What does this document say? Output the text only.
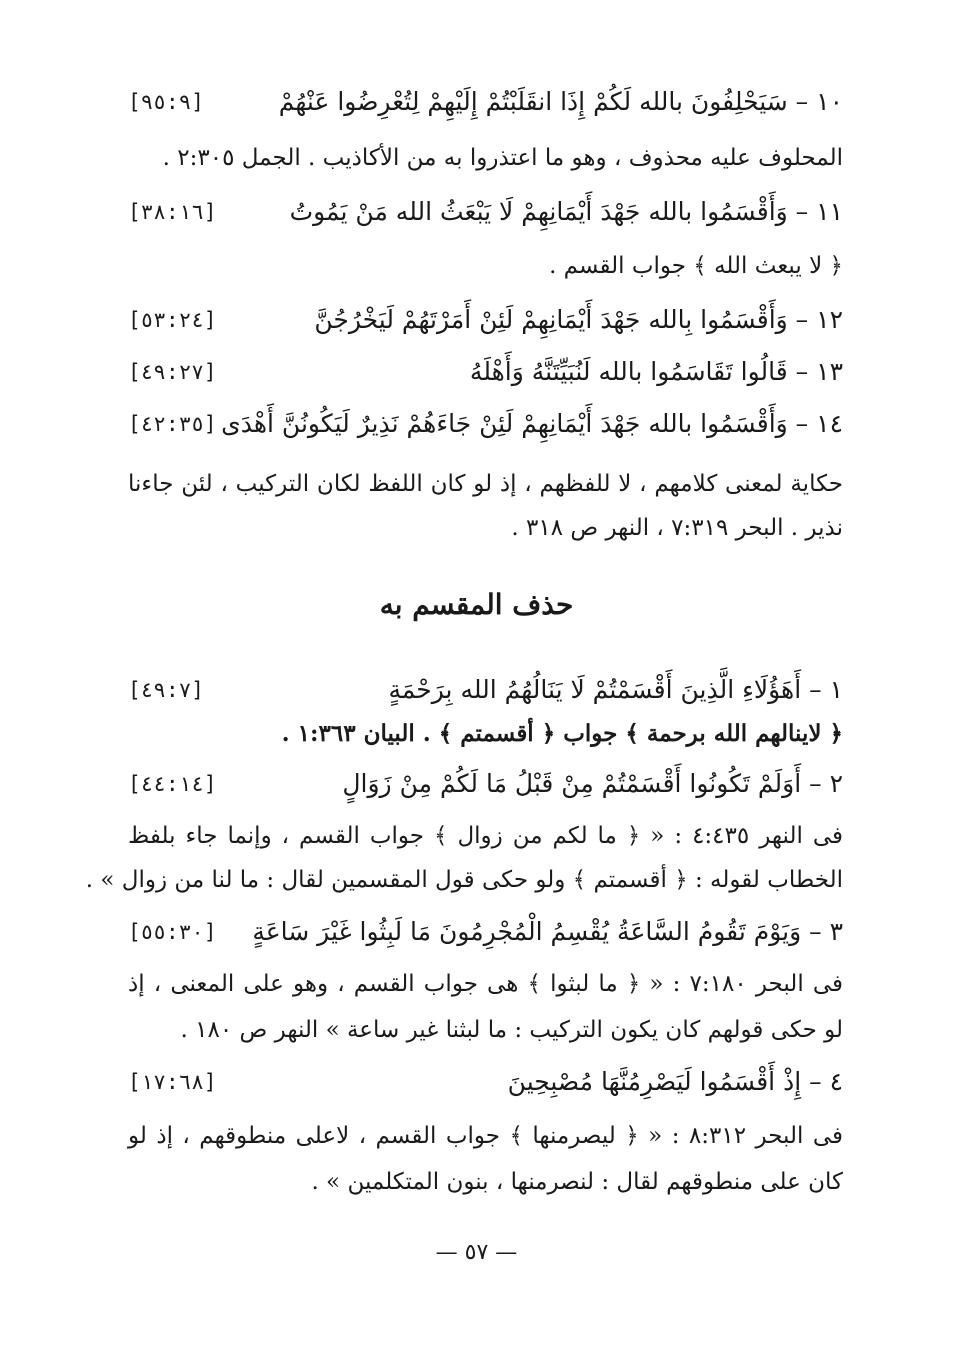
١٠ – سَيَحْلِفُونَ بالله لَكُمْ إِذَا انقَلَبْتُمْ إِلَيْهِمْ لِتُعْرِضُوا عَنْهُمْ
[٩٥:٩]
المحلوف عليه محذوف ، وهو ما اعتذروا به من الأكاذيب . الجمل ٢:٣٠٥ .
١١ – وَأَقْسَمُوا بالله جَهْدَ أَيْمَانِهِمْ لَا يَبْعَثُ الله مَنْ يَمُوتُ
[٣٨:١٦]
﴿ لا يبعث الله ﴾ جواب القسم .
١٢ – وَأَقْسَمُوا بِالله جَهْدَ أَيْمَانِهِمْ لَئِنْ أَمَرْتَهُمْ لَيَخْرُجُنَّ
[٥٣:٢٤]
١٣ – قَالُوا تَقَاسَمُوا بالله لَنُبَيِّتَنَّهُ وَأَهْلَهُ
[٤٩:٢٧]
١٤ – وَأَقْسَمُوا بالله جَهْدَ أَيْمَانِهِمْ لَئِنْ جَاءَهُمْ نَذِيرٌ لَيَكُونُنَّ أَهْدَى
[٤٢:٣٥]
حكاية لمعنى كلامهم ، لا للفظهم ، إذ لو كان اللفظ لكان التركيب ، لئن جاءنا
نذير . البحر ٧:٣١٩ ، النهر ص ٣١٨ .
حذف المقسم به
١ – أَهَؤُلَاءِ الَّذِينَ أَقْسَمْتُمْ لَا يَنَالُهُمُ الله بِرَحْمَةٍ
[٤٩:٧]
﴿ لاينالهم الله برحمة ﴾ جواب ﴿ أقسمتم ﴾ . البيان ١:٣٦٣ .
٢ – أَوَلَمْ تَكُونُوا أَقْسَمْتُمْ مِنْ قَبْلُ مَا لَكُمْ مِنْ زَوَالٍ
[٤٤:١٤]
فى النهر ٤:٤٣٥ : « ﴿ ما لكم من زوال ﴾ جواب القسم ، وإنما جاء بلفظ
الخطاب لقوله : ﴿ أقسمتم ﴾ ولو حكى قول المقسمين لقال : ما لنا من زوال » .
٣ – وَيَوْمَ تَقُومُ السَّاعَةُ يُقْسِمُ الْمُجْرِمُونَ مَا لَبِثُوا غَيْرَ سَاعَةٍ
[٥٥:٣٠]
فى البحر ٧:١٨٠ : « ﴿ ما لبثوا ﴾ هى جواب القسم ، وهو على المعنى ، إذ
لو حكى قولهم كان يكون التركيب : ما لبثنا غير ساعة » النهر ص ١٨٠ .
٤ – إِذْ أَقْسَمُوا لَيَصْرِمُنَّهَا مُصْبِحِينَ
[١٧:٦٨]
فى البحر ٨:٣١٢ : « ﴿ ليصرمنها ﴾ جواب القسم ، لاعلى منطوقهم ، إذ لو
كان على منطوقهم لقال : لنصرمنها ، بنون المتكلمين » .
— ٥٧ —
